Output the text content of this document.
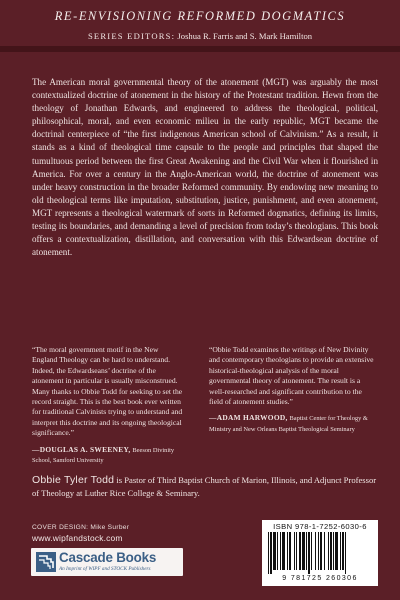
RE-ENVISIONING REFORMED DOGMATICS
SERIES EDITORS: Joshua R. Farris and S. Mark Hamilton

The American moral governmental theory of the atonement (MGT) was arguably the most contextualized doctrine of atonement in the history of the Protestant tradition. Hewn from the theology of Jonathan Edwards, and engineered to address the theological, political, philosophical, moral, and even economic milieu in the early republic, MGT became the doctrinal centerpiece of “the first indigenous American school of Calvinism.” As a result, it stands as a kind of theological time capsule to the people and principles that shaped the tumultuous period between the first Great Awakening and the Civil War when it flourished in America. For over a century in the Anglo-American world, the doctrine of atonement was under heavy construction in the broader Reformed community. By endowing new meaning to old theological terms like imputation, substitution, justice, punishment, and even atonement, MGT represents a theological watermark of sorts in Reformed dogmatics, defining its limits, testing its boundaries, and demanding a level of precision from today’s theologians. This book offers a contextualization, distillation, and conversation with this Edwardsean doctrine of atonement.

“The moral government motif in the New England Theology can be hard to understand. Indeed, the Edwardseans’ doctrine of the atonement in particular is usually misconstrued. Many thanks to Obbie Todd for seeking to set the record straight. This is the best book ever written for traditional Calvinists trying to understand and interpret this doctrine and its ongoing theological significance.”
—DOUGLAS A. SWEENEY, Beeson Divinity School, Samford University
“Obbie Todd examines the writings of New Divinity and contemporary theologians to provide an extensive historical-theological analysis of the moral governmental theory of atonement. The result is a well-researched and significant contribution to the field of atonement studies.”
—ADAM HARWOOD, Baptist Center for Theology & Ministry and New Orleans Baptist Theological Seminary

Obbie Tyler Todd is Pastor of Third Baptist Church of Marion, Illinois, and Adjunct Professor of Theology at Luther Rice College & Seminary.

COVER DESIGN: Mike Surber
www.wipfandstock.com
Cascade Books
An Imprint of WIPF and STOCK Publishers
ISBN 978-1-7252-6030-6
9 781725 260306
